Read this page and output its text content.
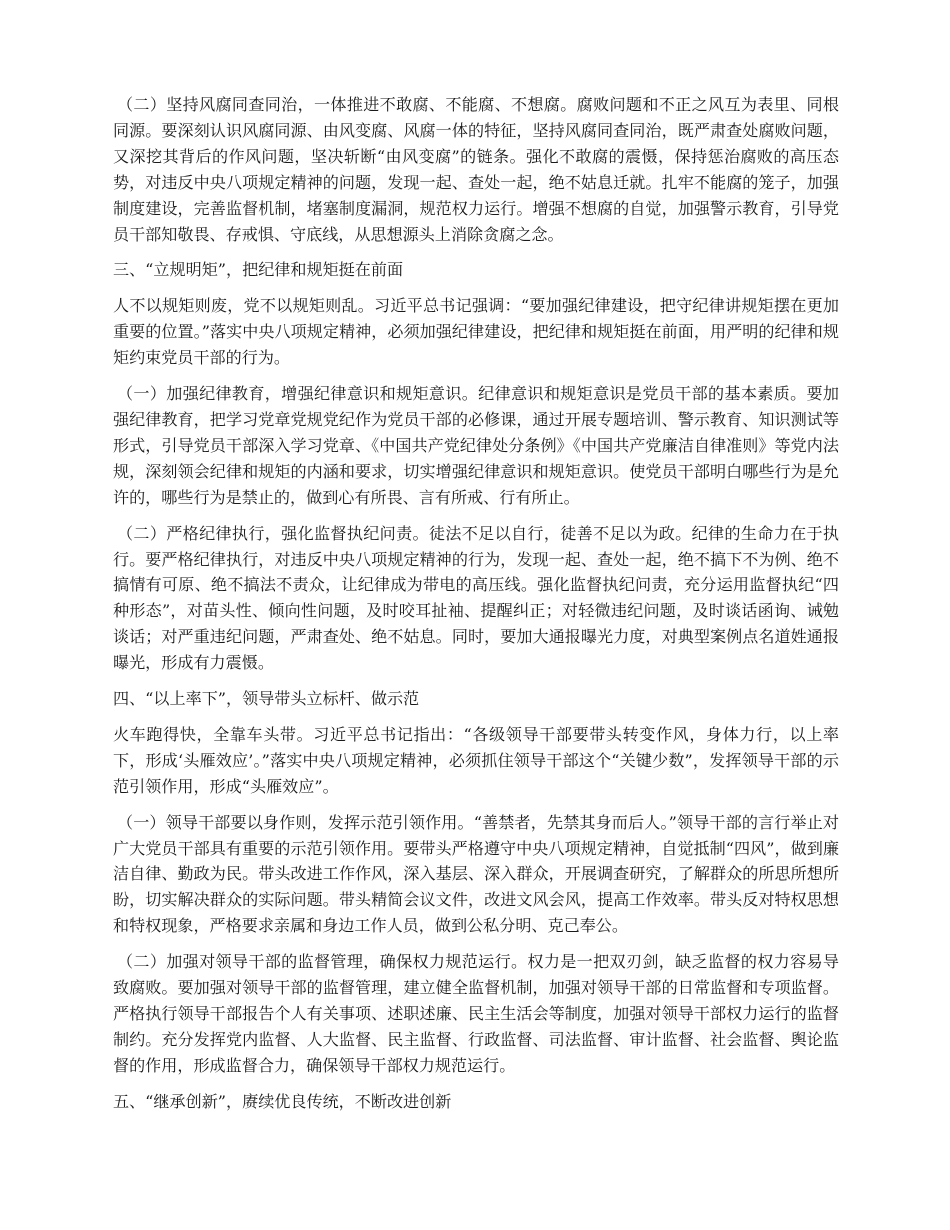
（二）坚持风腐同查同治，一体推进不敢腐、不能腐、不想腐。腐败问题和不正之风互为表里、同根同源。要深刻认识风腐同源、由风变腐、风腐一体的特征，坚持风腐同查同治，既严肃查处腐败问题，又深挖其背后的作风问题，坚决斩断“由风变腐”的链条。强化不敢腐的震慑，保持惩治腐败的高压态势，对违反中央八项规定精神的问题，发现一起、查处一起，绝不姑息迁就。扎牢不能腐的笼子，加强制度建设，完善监督机制，堵塞制度漏洞，规范权力运行。增强不想腐的自觉，加强警示教育，引导党员干部知敬畏、存戒惧、守底线，从思想源头上消除贪腐之念。

三、“立规明矩”，把纪律和规矩挺在前面

人不以规矩则废，党不以规矩则乱。习近平总书记强调：“要加强纪律建设，把守纪律讲规矩摆在更加重要的位置。”落实中央八项规定精神，必须加强纪律建设，把纪律和规矩挺在前面，用严明的纪律和规矩约束党员干部的行为。

（一）加强纪律教育，增强纪律意识和规矩意识。纪律意识和规矩意识是党员干部的基本素质。要加强纪律教育，把学习党章党规党纪作为党员干部的必修课，通过开展专题培训、警示教育、知识测试等形式，引导党员干部深入学习党章、《中国共产党纪律处分条例》《中国共产党廉洁自律准则》等党内法规，深刻领会纪律和规矩的内涵和要求，切实增强纪律意识和规矩意识。使党员干部明白哪些行为是允许的，哪些行为是禁止的，做到心有所畏、言有所戒、行有所止。

（二）严格纪律执行，强化监督执纪问责。徒法不足以自行，徒善不足以为政。纪律的生命力在于执行。要严格纪律执行，对违反中央八项规定精神的行为，发现一起、查处一起，绝不搞下不为例、绝不搞情有可原、绝不搞法不责众，让纪律成为带电的高压线。强化监督执纪问责，充分运用监督执纪“四种形态”，对苗头性、倾向性问题，及时咬耳扯袖、提醒纠正；对轻微违纪问题，及时谈话函询、诫勉谈话；对严重违纪问题，严肃查处、绝不姑息。同时，要加大通报曝光力度，对典型案例点名道姓通报曝光，形成有力震慑。

四、“以上率下”，领导带头立标杆、做示范

火车跑得快，全靠车头带。习近平总书记指出：“各级领导干部要带头转变作风，身体力行，以上率下，形成‘头雁效应’。”落实中央八项规定精神，必须抓住领导干部这个“关键少数”，发挥领导干部的示范引领作用，形成“头雁效应”。

（一）领导干部要以身作则，发挥示范引领作用。“善禁者，先禁其身而后人。”领导干部的言行举止对广大党员干部具有重要的示范引领作用。要带头严格遵守中央八项规定精神，自觉抵制“四风”，做到廉洁自律、勤政为民。带头改进工作作风，深入基层、深入群众，开展调查研究，了解群众的所思所想所盼，切实解决群众的实际问题。带头精简会议文件，改进文风会风，提高工作效率。带头反对特权思想和特权现象，严格要求亲属和身边工作人员，做到公私分明、克己奉公。

（二）加强对领导干部的监督管理，确保权力规范运行。权力是一把双刃剑，缺乏监督的权力容易导致腐败。要加强对领导干部的监督管理，建立健全监督机制，加强对领导干部的日常监督和专项监督。严格执行领导干部报告个人有关事项、述职述廉、民主生活会等制度，加强对领导干部权力运行的监督制约。充分发挥党内监督、人大监督、民主监督、行政监督、司法监督、审计监督、社会监督、舆论监督的作用，形成监督合力，确保领导干部权力规范运行。

五、“继承创新”，赓续优良传统，不断改进创新
